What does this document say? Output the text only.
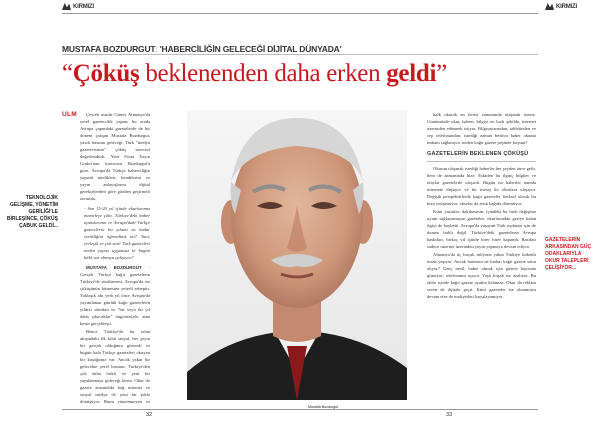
KIRMIZI	KIRMIZI
MUSTAFA BOZDURGUT: 'HABERCİLİĞİN GELECEĞİ DİJİTAL DÜNYADA'
“Çöküş beklenenden daha erken geldi”
ULM
TEKNOLOJİK
GELİŞME, YÖNETİM
GERİLİĞİ'LE
BİRLEŞİNCE, ÇÖKÜŞ
ÇABUK GELDİ...

Çeyrek asırdır Güney Almanya'da yerel gazetecilik yapan; bu arada Avrupa çapındaki gazetelerde de bir dönem çalışan Mustafa Bozdurgut, yazılı basının geleceği, Türk "medya gazetecisinin" çöküş sürecini değerlendirdi. Yeni Posta Yayın Grubu'nun kurucusu Bozdurgut'a göre, Avrupa'da Türkçe haberciliğin yapısal nitelikleri, kendilerini ve yayın anlayışlarını dijital gerekçelerden göre gözden geçirmeli zorunda.

- Son 15-20 yıl içinde okurlarımız memeleye çıktı. Türkiye'deki haber ajanslarının ve Avrupa'daki Türkçe gazetelerin bu yılana ne kadar verildiğini öğrendiniz mi? Yani, yerleşik ve çok sesli Türk gazeteleri neden yapısı uygunsuz ki bugün hâlâ var olmaya çalışıyor?

MUSTAFA BOZDURGUT - Gerçek Türkçe kağıt gazetelerin Türkiye'de sürdürmesi, Avrupa'da ise çöküşünün bitmesine yeterli sebeptir. Yaklaşık altı yedi yıl önce Avrupa'da yayımlanan günlük kağıt gazetelerin yıldızı sönüktü ve "bir veya iki yıl daha çıkacaklar" öngörüsüyle, ama kesin gerçekleşti.

Bence Türkiye'de bu yılan akışındaki ilk kötü sinyal, her şeyin bir gerçek olduğunu gösterdi ve bugün hala Türkçe gazeteleri okuyan bir kuşağımız var. Ancak yakın bir gelecekte yerel basının, Türkiye'den çok daha farklı ve yeni bir yapılanmaya gideceği kesin. Okur ile gazete arasındaki bağ internet ve sosyal medya ile yeni bir şekle dönüşüyor. Bunu yönetemeyen ve

Mustafa Bozdurgut

halk okurak en ilerisi zamanında ulaşmak isteriz. Günümüzde okur, haberi, bilgiyi en hızlı şekilde, internet üzerinden edinmek istiyor. Bilgisayarından, tabletinden ve cep telefonundan, istediği zaman bedava haber okuma imkanı sağlanıyor, neden kağıt gazete peşinde koşsun?

GAZETELERİN BEKLENEN ÇÖKÜŞÜ

Okurun ulaşmak istediği haberler her şeyden önce gelir, hem de zamanında bize. Eskiden bu ilginç bilgiler ve olaylar gazetelerle ulaşırdı. Bugün ise haberler anında internete düşüyor ve bir mesaj ile okurlara ulaşıyor. Değişik perspektiflerde kağıt gazeteler fiziksel olarak bu hıza yetişemiyor, okurlar da artık kağıda dönmüyor.

Kimi yazarlar, dakikasının, içindeki bu hızlı değişime uyum sağlayamayan gazeteler, okurlarından geriye kalan ilgiyi de kaybetti. Avrupa'da yaşayan Türk toplumu için de durum farklı değil. Türkiye'deki gazetelerin Avrupa baskıları, birkaç yıl içinde birer birer kapandı. Bazıları sadece internet üzerinden yayın yapmaya devam ediyor.

Almanya'da üç buçuk milyona yakın Türkiye kökenli insan yaşıyor. Ancak bunların ne kadarı kağıt gazete satın alıyor? Genç nesil, haber almak için gazete bayisine gitmiyor; telefonunu açıyor. Yaşlı kuşak ise azalıyor. Bu tablo içinde kağıt gazete ayakta kalamaz. Okur da reklam veren de dijitale geçti. Kimi gazeteler ise okunmaya devam etse de maliyetleri karşılayamıyor.

GAZETELERİN
ARKASINDAN GÜÇ
ODAKLARIYLA
OKUR TALEPLERİ
ÇELİŞİYOR...
32	33
